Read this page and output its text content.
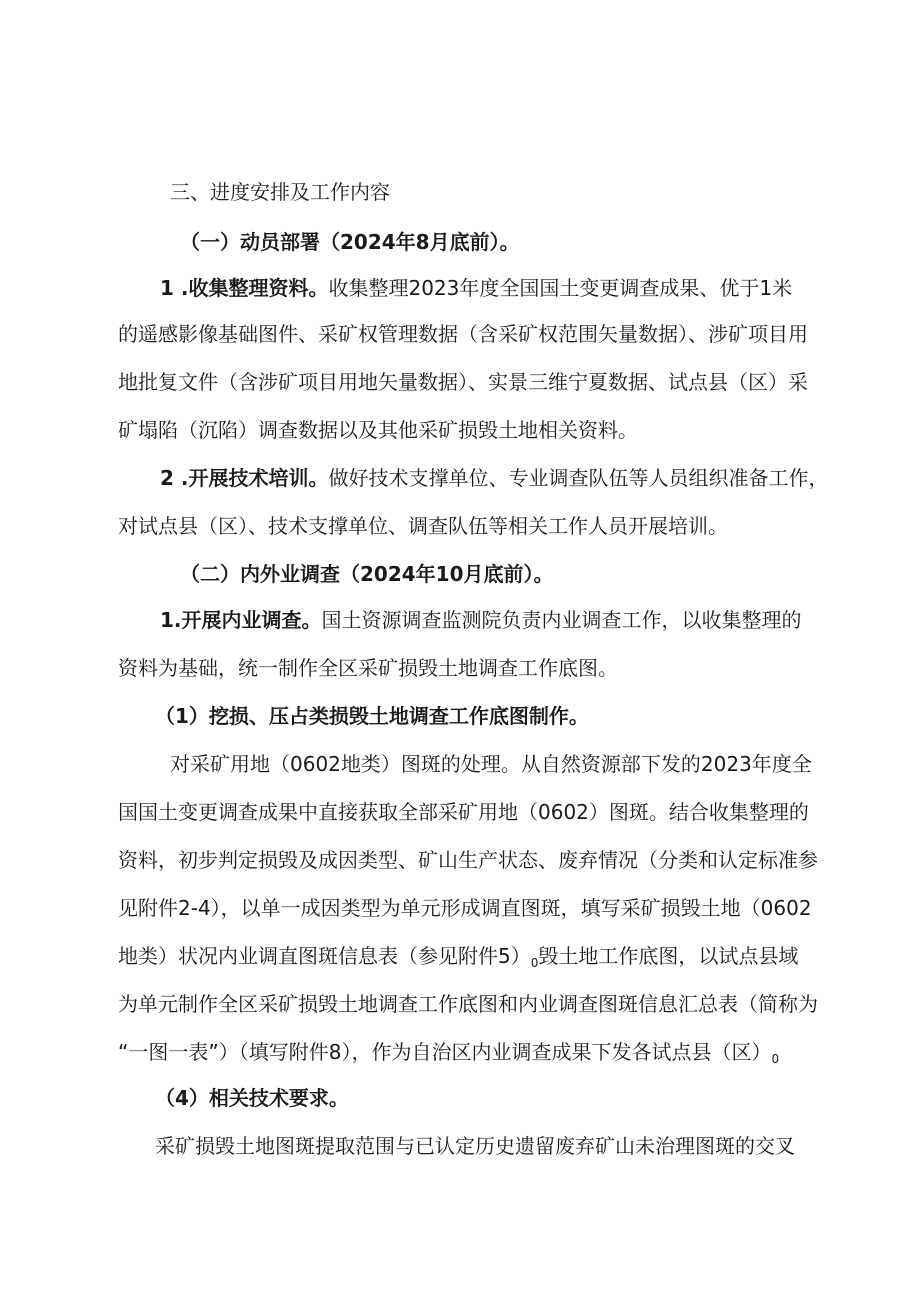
三、进度安排及工作内容
（一）动员部署（2024年8月底前）。
1 .收集整理资料。收集整理2023年度全国国土变更调查成果、优于1米
的遥感影像基础图件、采矿权管理数据（含采矿权范围矢量数据）、涉矿项目用
地批复文件（含涉矿项目用地矢量数据）、实景三维宁夏数据、试点县（区）采
矿塌陷（沉陷）调查数据以及其他采矿损毁土地相关资料。
2 .开展技术培训。做好技术支撑单位、专业调查队伍等人员组织准备工作，
对试点县（区）、技术支撑单位、调查队伍等相关工作人员开展培训。
（二）内外业调查（2024年10月底前）。
1.开展内业调查。国土资源调查监测院负责内业调查工作，以收集整理的
资料为基础，统一制作全区采矿损毁土地调查工作底图。
（1）挖损、压占类损毁土地调查工作底图制作。
对采矿用地（0602地类）图斑的处理。从自然资源部下发的2023年度全
国国土变更调查成果中直接获取全部采矿用地（0602）图斑。结合收集整理的
资料，初步判定损毁及成因类型、矿山生产状态、废弃情况（分类和认定标准参
见附件2-4），以单一成因类型为单元形成调直图斑，填写采矿损毁土地（0602
地类）状况内业调直图斑信息表（参见附件$5)_0$毁土地工作底图，以试点县域
为单元制作全区采矿损毁土地调查工作底图和内业调查图斑信息汇总表（简称为
“一图一表”）（填写附件8），作为自治区内业调查成果下发各试点县（区）$_0$
（4）相关技术要求。
采矿损毁土地图斑提取范围与已认定历史遗留废弃矿山未治理图斑的交叉
